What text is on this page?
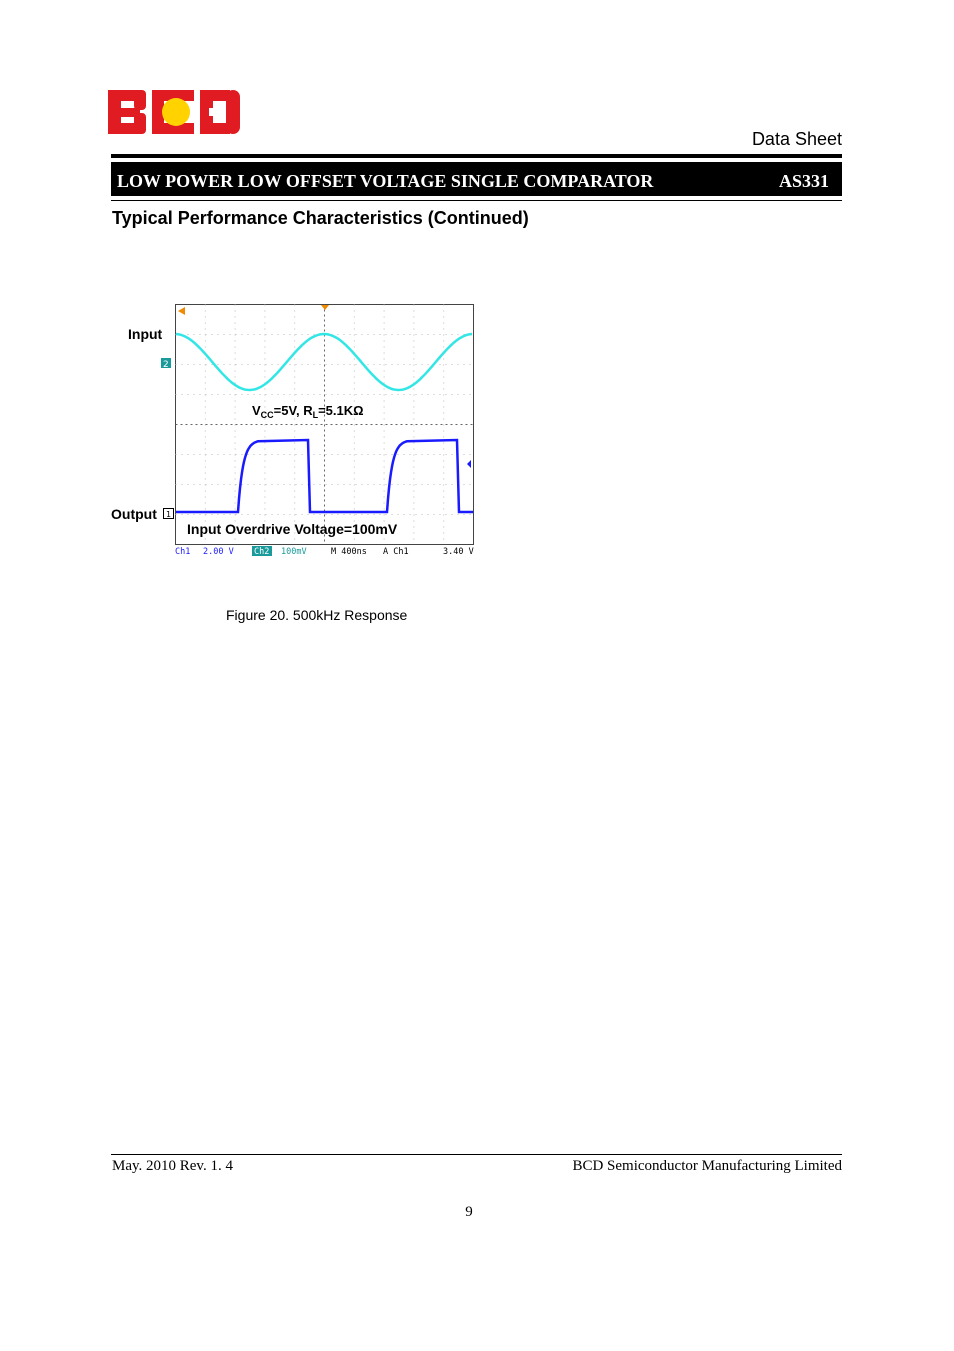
Data Sheet
LOW POWER LOW OFFSET VOLTAGE SINGLE COMPARATOR	AS331
Typical Performance Characteristics (Continued)
Input
Output
2
1
$V_{CC}=5V$, $R_L=5.1K\Omega$
Input Overdrive Voltage=100mV
Ch1 2.00 V Ch2 100mV	M 400ns A Ch1	3.40 V
Figure 20. 500kHz Response
May. 2010 Rev. 1. 4	BCD Semiconductor Manufacturing Limited
9
